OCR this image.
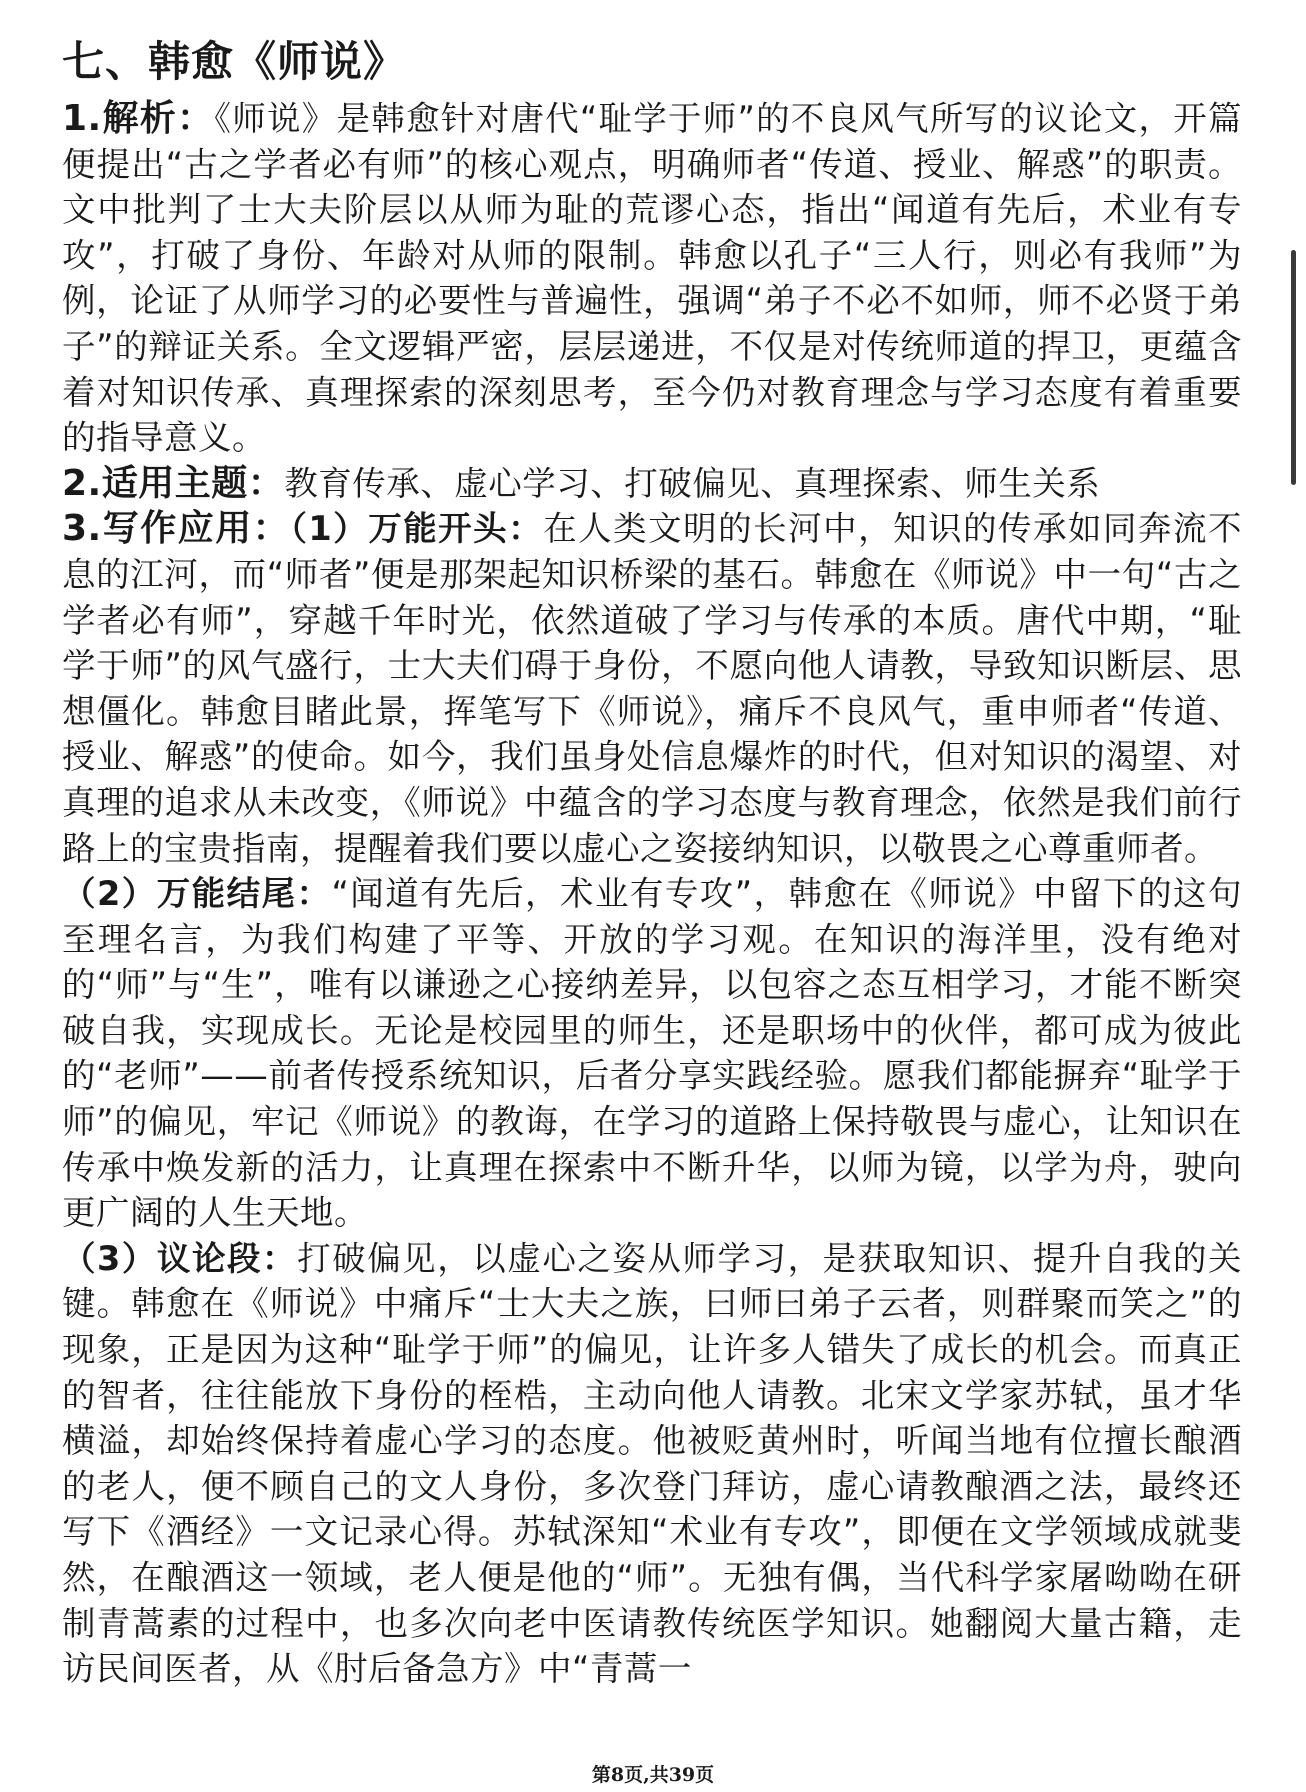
七、韩愈《师说》

1.解析：《师说》是韩愈针对唐代“耻学于师”的不良风气所写的议论文，开篇便提出“古之学者必有师”的核心观点，明确师者“传道、授业、解惑”的职责。文中批判了士大夫阶层以从师为耻的荒谬心态，指出“闻道有先后，术业有专攻”，打破了身份、年龄对从师的限制。韩愈以孔子“三人行，则必有我师”为例，论证了从师学习的必要性与普遍性，强调“弟子不必不如师，师不必贤于弟子”的辩证关系。全文逻辑严密，层层递进，不仅是对传统师道的捍卫，更蕴含着对知识传承、真理探索的深刻思考，至今仍对教育理念与学习态度有着重要的指导意义。

2.适用主题：教育传承、虚心学习、打破偏见、真理探索、师生关系

3.写作应用：（1）万能开头：在人类文明的长河中，知识的传承如同奔流不息的江河，而“师者”便是那架起知识桥梁的基石。韩愈在《师说》中一句“古之学者必有师”，穿越千年时光，依然道破了学习与传承的本质。唐代中期，“耻学于师”的风气盛行，士大夫们碍于身份，不愿向他人请教，导致知识断层、思想僵化。韩愈目睹此景，挥笔写下《师说》，痛斥不良风气，重申师者“传道、授业、解惑”的使命。如今，我们虽身处信息爆炸的时代，但对知识的渴望、对真理的追求从未改变，《师说》中蕴含的学习态度与教育理念，依然是我们前行路上的宝贵指南，提醒着我们要以虚心之姿接纳知识，以敬畏之心尊重师者。

（2）万能结尾：“闻道有先后，术业有专攻”，韩愈在《师说》中留下的这句至理名言，为我们构建了平等、开放的学习观。在知识的海洋里，没有绝对的“师”与“生”，唯有以谦逊之心接纳差异，以包容之态互相学习，才能不断突破自我，实现成长。无论是校园里的师生，还是职场中的伙伴，都可成为彼此的“老师”——前者传授系统知识，后者分享实践经验。愿我们都能摒弃“耻学于师”的偏见，牢记《师说》的教诲，在学习的道路上保持敬畏与虚心，让知识在传承中焕发新的活力，让真理在探索中不断升华，以师为镜，以学为舟，驶向更广阔的人生天地。

（3）议论段：打破偏见，以虚心之姿从师学习，是获取知识、提升自我的关键。韩愈在《师说》中痛斥“士大夫之族，曰师曰弟子云者，则群聚而笑之”的现象，正是因为这种“耻学于师”的偏见，让许多人错失了成长的机会。而真正的智者，往往能放下身份的桎梏，主动向他人请教。北宋文学家苏轼，虽才华横溢，却始终保持着虚心学习的态度。他被贬黄州时，听闻当地有位擅长酿酒的老人，便不顾自己的文人身份，多次登门拜访，虚心请教酿酒之法，最终还写下《酒经》一文记录心得。苏轼深知“术业有专攻”，即便在文学领域成就斐然，在酿酒这一领域，老人便是他的“师”。无独有偶，当代科学家屠呦呦在研制青蒿素的过程中，也多次向老中医请教传统医学知识。她翻阅大量古籍，走访民间医者，从《肘后备急方》中“青蒿一

第8页,共39页
